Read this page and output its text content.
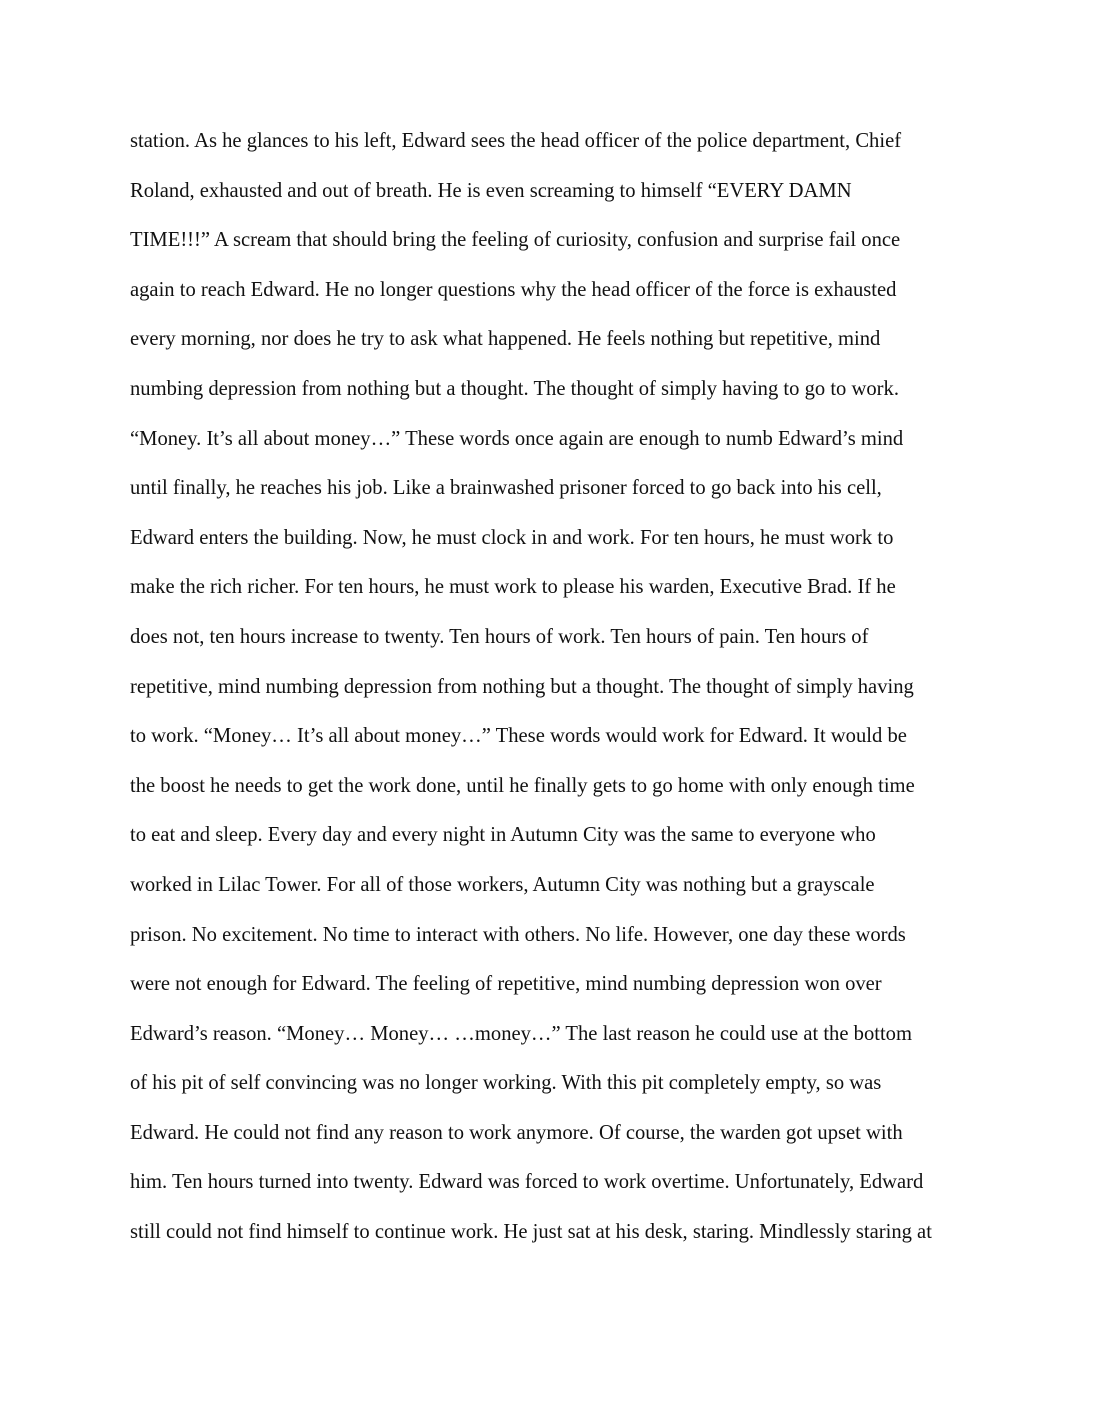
station. As he glances to his left, Edward sees the head officer of the police department, Chief
Roland, exhausted and out of breath. He is even screaming to himself “EVERY DAMN
TIME!!!” A scream that should bring the feeling of curiosity, confusion and surprise fail once
again to reach Edward. He no longer questions why the head officer of the force is exhausted
every morning, nor does he try to ask what happened. He feels nothing but repetitive, mind
numbing depression from nothing but a thought. The thought of simply having to go to work.
“Money. It’s all about money…” These words once again are enough to numb Edward’s mind
until finally, he reaches his job. Like a brainwashed prisoner forced to go back into his cell,
Edward enters the building. Now, he must clock in and work. For ten hours, he must work to
make the rich richer. For ten hours, he must work to please his warden, Executive Brad. If he
does not, ten hours increase to twenty. Ten hours of work. Ten hours of pain. Ten hours of
repetitive, mind numbing depression from nothing but a thought. The thought of simply having
to work. “Money… It’s all about money…” These words would work for Edward. It would be
the boost he needs to get the work done, until he finally gets to go home with only enough time
to eat and sleep. Every day and every night in Autumn City was the same to everyone who
worked in Lilac Tower. For all of those workers, Autumn City was nothing but a grayscale
prison. No excitement. No time to interact with others. No life. However, one day these words
were not enough for Edward. The feeling of repetitive, mind numbing depression won over
Edward’s reason. “Money… Money… …money…” The last reason he could use at the bottom
of his pit of self convincing was no longer working. With this pit completely empty, so was
Edward. He could not find any reason to work anymore. Of course, the warden got upset with
him. Ten hours turned into twenty. Edward was forced to work overtime. Unfortunately, Edward
still could not find himself to continue work. He just sat at his desk, staring. Mindlessly staring at
